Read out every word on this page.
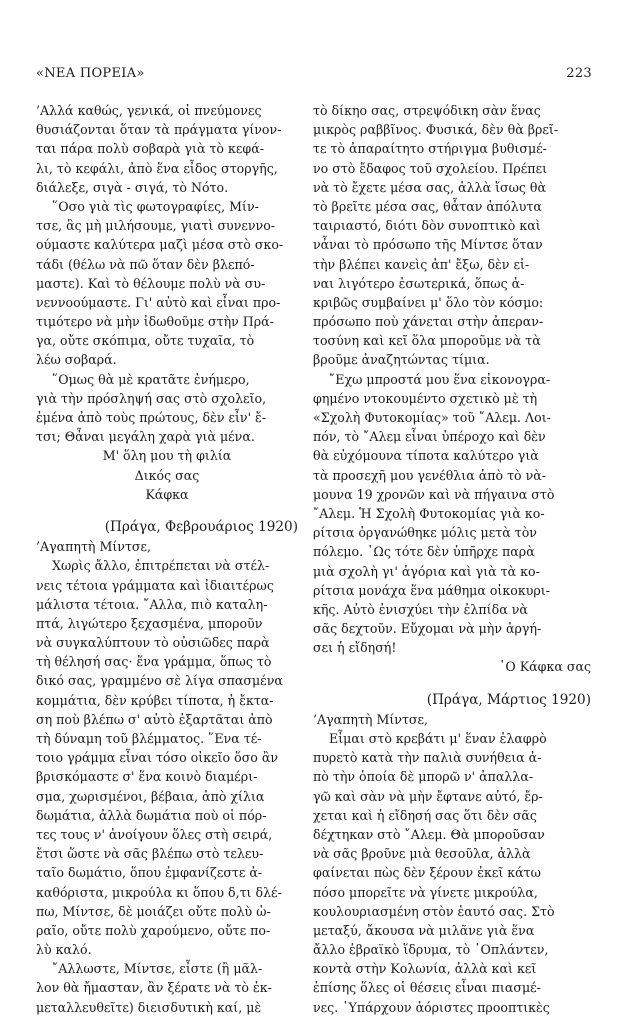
«ΝΕΑ ΠΟΡΕΙΑ»	223
’Αλλά καθώς, γενικά, οἱ πνεύμονες
θυσιάζονται ὅταν τὰ πράγματα γίνον-
ται πάρα πολὺ σοβαρὰ γιὰ τὸ κεφά-
λι, τὸ κεφάλι, ἀπὸ ἕνα εἶδος στοργῆς,
διάλεξε, σιγὰ - σιγά, τὸ Νότο.
῞Οσο γιὰ τὶς φωτογραφίες, Μίν-
τσε, ἃς μὴ μιλήσουμε, γιατὶ συνεννο-
ούμαστε καλύτερα μαζὶ μέσα στὸ σκο-
τάδι (θέλω νὰ πῶ ὅταν δὲν βλεπό-
μαστε). Καὶ τὸ θέλουμε πολὺ νὰ συ-
νεννοούμαστε. Γι' αὐτὸ καὶ εἶναι προ-
τιμότερο νὰ μὴν ἰδωθοῦμε στὴν Πρά-
γα, οὔτε σκόπιμα, οὔτε τυχαῖα, τὸ
λέω σοβαρά.
῞Ομως θὰ μὲ κρατᾶτε ἐνήμερο,
γιὰ τὴν πρόσληψή σας στὸ σχολεῖο,
ἐμένα ἀπὸ τοὺς πρώτους, δὲν εἶν' ἔ-
τσι; Θἆναι μεγάλη χαρὰ γιὰ μένα.
Μ' ὅλη μου τὴ φιλία
Δικός σας
Κάφκα
(Πράγα, Φεβρουάριος 1920)
’Αγαπητὴ Μίντσε,
Χωρὶς ἄλλο, ἐπιτρέπεται νὰ στέλ-
νεις τέτοια γράμματα καὶ ἰδιαιτέρως
μάλιστα τέτοια. ῎Αλλα, πιὸ καταλη-
πτά, λιγώτερο ξεχασμένα, μποροῦν
νὰ συγκαλύπτουν τὸ οὐσιῶδες παρὰ
τὴ θέλησή σας· ἕνα γράμμα, ὅπως τὸ
δικό σας, γραμμένο σὲ λίγα σπασμένα
κομμάτια, δὲν κρύβει τίποτα, ἡ ἔκτα-
ση ποὺ βλέπω σ' αὐτὸ ἐξαρτᾶται ἀπὸ
τὴ δύναμη τοῦ βλέμματος. ῞Ενα τέ-
τοιο γράμμα εἶναι τόσο οἰκεῖο ὅσο ἂν
βρισκόμαστε σ' ἕνα κοινὸ διαμέρι-
σμα, χωρισμένοι, βέβαια, ἀπὸ χίλια
δωμάτια, ἀλλὰ δωμάτια ποὺ οἱ πόρ-
τες τους ν' ἀνοίγουν ὅλες στὴ σειρά,
ἔτσι ὥστε νὰ σᾶς βλέπω στὸ τελευ-
ταῖο δωμάτιο, ὅπου ἐμφανίζεστε ἀ-
καθόριστα, μικρούλα κι ὅπου δ,τι δλέ-
πω, Μίντσε, δὲ μοιάζει οὔτε πολὺ ὡ-
ραῖο, οὔτε πολὺ χαρούμενο, οὔτε πο-
λὺ καλό.
῎Αλλωστε, Μίντσε, εἶστε (ἢ μᾶλ-
λον θὰ ἤμασταν, ἂν ξέρατε νὰ τὸ ἐκ-
μεταλλευθεῖτε) διεισδυτικὴ καί, μὲ
τὸ δίκηο σας, στρεψόδικη σὰν ἕνας
μικρὸς ραββῖνος. Φυσικά, δὲν θὰ βρεῖ-
τε τὸ ἀπαραίτητο στήριγμα βυθισμέ-
νο στὸ ἔδαφος τοῦ σχολείου. Πρέπει
νὰ τὸ ἔχετε μέσα σας, ἀλλὰ ἴσως θὰ
τὸ βρεῖτε μέσα σας, θἆταν ἀπόλυτα
ταιριαστό, διότι δὸν συνοπτικὸ καὶ
νἆναι τὸ πρόσωπο τῆς Μίντσε ὅταν
τὴν βλέπει κανεὶς ἀπ' ἔξω, δὲν εἰ-
ναι λιγότερο ἐσωτερικά, ὅπως ἀ-
κριβῶς συμβαίνει μ' ὅλο τὸν κόσμο:
πρόσωπο ποὺ χάνεται στὴν ἀπεραν-
τοσύνη καὶ κεῖ ὅλα μποροῦμε νὰ τὰ
βροῦμε ἀναζητώντας τίμια.
῎Εχω μπροστά μου ἕνα εἰκονογρα-
φημένο ντοκουμέντο σχετικὸ μὲ τὴ
«Σχολὴ Φυτοκομίας» τοῦ ῎Αλεμ. Λοι-
πόν, τὸ ῎Αλεμ εἶναι ὑπέροχο καὶ δὲν
θὰ εὐχόμουνα τίποτα καλύτερο γιὰ
τὰ προσεχῆ μου γενέθλια ἀπὸ τὸ νὰ-
μουνα 19 χρονῶν καὶ νὰ πήγαινα στὸ
῎Αλεμ. Ἡ Σχολὴ Φυτοκομίας γιὰ κο-
ρίτσια ὀργανώθηκε μόλις μετὰ τὸν
πόλεμο. ῾Ως τότε δὲν ὑπῆρχε παρὰ
μιὰ σχολὴ γι' ἀγόρια καὶ γιὰ τὰ κο-
ρίτσια μονάχα ἕνα μάθημα οἰκοκυρι-
κῆς. Αὐτὸ ἐνισχύει τὴν ἐλπίδα νὰ
σᾶς δεχτοῦν. Εὔχομαι νὰ μὴν ἀργή-
σει ἡ εἴδησή!
῾Ο Κάφκα σας
(Πράγα, Μάρτιος 1920)
’Αγαπητὴ Μίντσε,
Εἶμαι στὸ κρεβάτι μ' ἕναν ἐλαφρὸ
πυρετὸ κατὰ τὴν παλιὰ συνήθεια ἀ-
πὸ τὴν ὁποία δὲ μπορῶ ν' ἀπαλλα-
γῶ καὶ σὰν νὰ μὴν ἔφτανε αὐτό, ἔρ-
χεται καὶ ἡ εἴδησή σας ὅτι δὲν σᾶς
δέχτηκαν στὸ ῎Αλεμ. Θὰ μποροῦσαν
νὰ σᾶς βροῦνε μιὰ θεσοῦλα, ἀλλὰ
φαίνεται πὼς δὲν ξέρουν ἐκεῖ κάτω
πόσο μπορεῖτε νὰ γίνετε μικρούλα,
κουλουριασμένη στὸν ἑαυτό σας. Στὸ
μεταξύ, ἄκουσα νὰ μιλᾶνε γιὰ ἕνα
ἄλλο ἑβραϊκὸ ἵδρυμα, τὸ ᾿Οπλάντεν,
κοντὰ στὴν Κολωνία, ἀλλὰ καὶ κεῖ
ἐπίσης ὅλες οἱ θέσεις εἶναι πιασμέ-
νες. ῾Υπάρχουν ἀόριστες προοπτικὲς
